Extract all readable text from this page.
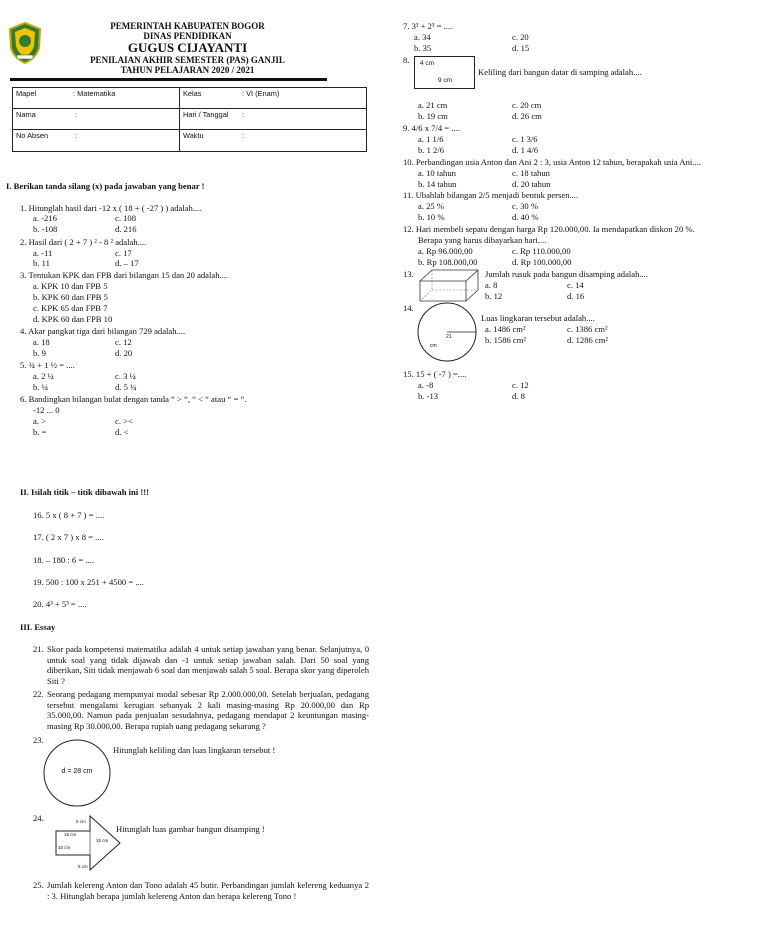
PEMERINTAH KABUPATEN BOGOR
DINAS PENDIDIKAN
GUGUS CIJAYANTI
PENILAIAN AKHIR SEMESTER (PAS) GANJIL
TAHUN PELAJARAN 2020 / 2021
Mapel	: Matematika	Kelas	: VI (Enam)
Nama	:	Hari / Tanggal :
No Absen	:	Waktu	:
I. Berikan tanda silang (x) pada jawaban yang benar !
1. Hitunglah hasil dari -12 x ( 18 + ( -27 ) ) adalah....
a. -216	c. 108
b. -108	d. 216
2. Hasil dari ( 2 + 7 ) ² - 8 ² adalah....
a. -11	c. 17
b. 11	d. – 17
3. Tentukan KPK dan FPB dari bilangan 15 dan 20 adalah....
a. KPK 10 dan FPB 5
b. KPK 60 dan FPB 5
c. KPK 65 dan FPB 7
d. KPK 60 dan FPB 10
4. Akar pangkat tiga dari bilangan 729 adalah....
a. 18	c. 12
b. 9	d. 20
5. ¾ + 1 ½ = ....
a. 2 ¼	c. 3 ¼
b. ¼	d. 5 ¼
6. Bandingkan bilangan bulat dengan tanda “ > “, “ < “ atau “ = “.
-12 ... 0
a. >	c. ><
b. =	d. <
II. Isilah titik – titik dibawah ini !!!
16. 5 x ( 8 + 7 ) = ....
17. ( 2 x 7 ) x 8 = ....
18. – 180 : 6 = ....
19. 500 : 100 x 251 + 4500 = ....
20. 4³ + 5³ = ....
III. Essay
21. Skor pada kompetensi matematika adalah 4 untuk setiap jawaban yang benar. Selanjutnya, 0 untuk soal yang tidak dijawab dan -1 untuk setiap jawaban salah. Dari 50 soal yang diberikan, Siti tidak menjawab 6 soal dan menjawab salah 5 soal. Berapa skor yang diperoleh Siti ?
22. Seorang pedagang mempunyai modal sebesar Rp 2.000.000,00. Setelah berjualan, pedagang tersebut mengalami kerugian sebanyak 2 kali masing-masing Rp 20.000,00 dan Rp 35.000,00. Namun pada penjualan sesudahnya, pedagang mendapat 2 keuntungan masing-masing Rp 30.000,00. Berapa rupiah uang pedagang sekarang ?
23.
d = 28 cm
Hitunglah keliling dan luas lingkaran tersebut !
24.	5 cm
15 cm
10 cm
10 cm
5 cm
Hitunglah luas gambar bangun disamping !
25. Jumlah kelereng Anton dan Tono adalah 45 butir. Perbandingan jumlah kelereng keduanya 2 : 3. Hitunglah berapa jumlah kelereng Anton dan berapa kelereng Tono !
7. 3³ + 2³ = ....
a. 34	c. 20
b. 35	d. 15
8. 4 cm
9 cm
Keliling dari bangun datar di samping adalah....
a. 21 cm	c. 20 cm
b. 19 cm	d. 26 cm
9. 4/6 x 7/4 = ....
a. 1 1/6	c. 1 3/6
b. 1 2/6	d. 1 4/6
10. Perbandingan usia Anton dan Ani 2 : 3, usia Anton 12 tahun, berapakah usia Ani....
a. 10 tahun	c. 18 tahun
b. 14 tahun	d. 20 tahun
11. Ubahlah bilangan 2/5 menjadi bentuk persen....
a. 25 %	c. 30 %
b. 10 %	d. 40 %
12. Hari membeli sepatu dengan harga Rp 120.000,00. Ia mendapatkan diskon 20 %.
Berapa yang harus dibayarkan hari....
a. Rp 96.000,00	c. Rp 110.000,00
b. Rp 108.000,00	d. Rp 100.000,00
13.	Jumlah rusuk pada bangun disamping adalah....
a. 8	c. 14
b. 12	d. 16
14.
21
cm
Luas lingkaran tersebut adalah....
a. 1486 cm²	c. 1386 cm²
b. 1586 cm²	d. 1286 cm²
15. 15 + ( -7 ) =....
a. -8	c. 12
b. -13	d. 8
